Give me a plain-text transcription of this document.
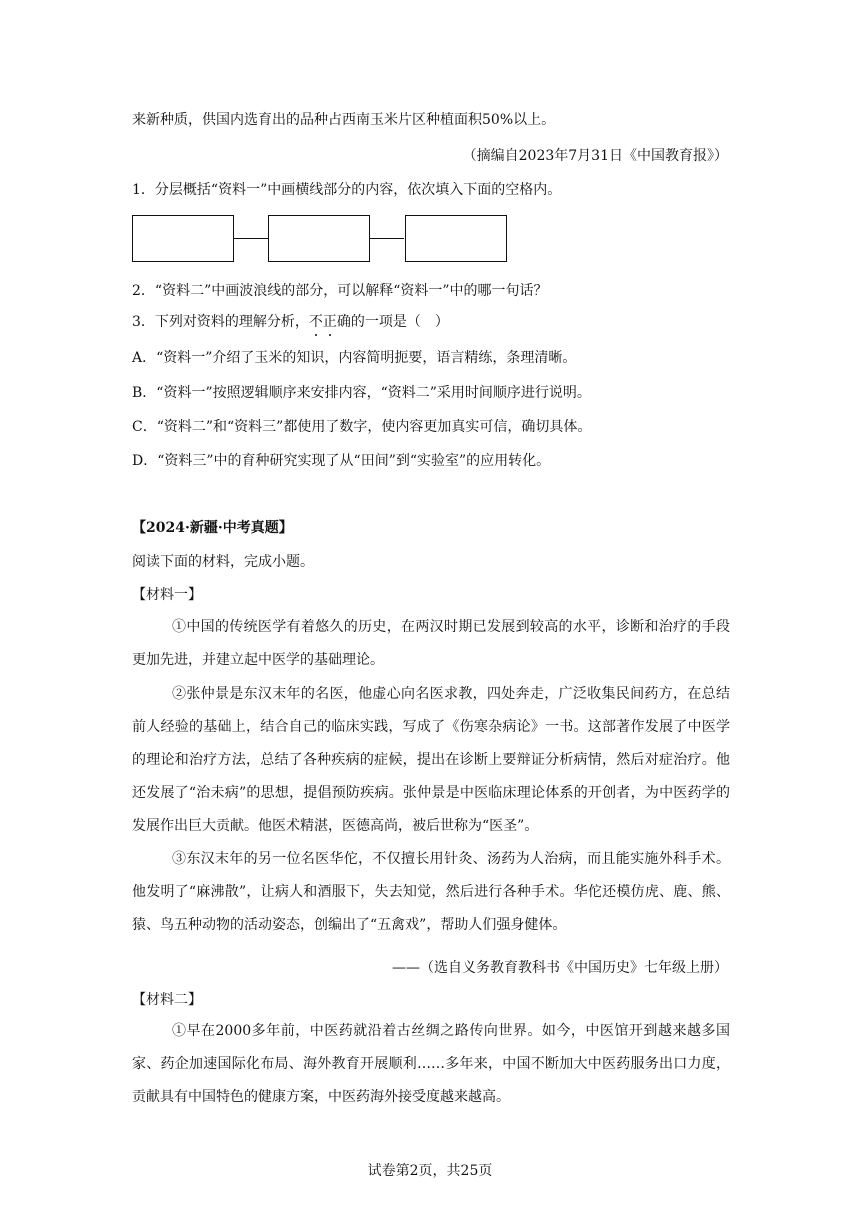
来新种质，供国内选育出的品种占西南玉米片区种植面积50%以上。
（摘编自2023年7月31日《中国教育报》）
1．分层概括“资料一”中画横线部分的内容，依次填入下面的空格内。
2．“资料二”中画波浪线的部分，可以解释“资料一”中的哪一句话？
3．下列对资料的理解分析，不正确的一项是（　）
A．“资料一”介绍了玉米的知识，内容简明扼要，语言精练，条理清晰。
B．“资料一”按照逻辑顺序来安排内容，“资料二”采用时间顺序进行说明。
C．“资料二”和“资料三”都使用了数字，使内容更加真实可信，确切具体。
D．“资料三”中的育种研究实现了从“田间”到“实验室”的应用转化。
【2024·新疆·中考真题】
阅读下面的材料，完成小题。
【材料一】
①中国的传统医学有着悠久的历史，在两汉时期已发展到较高的水平，诊断和治疗的手段更加先进，并建立起中医学的基础理论。
②张仲景是东汉末年的名医，他虚心向名医求教，四处奔走，广泛收集民间药方，在总结前人经验的基础上，结合自己的临床实践，写成了《伤寒杂病论》一书。这部著作发展了中医学的理论和治疗方法，总结了各种疾病的症候，提出在诊断上要辩证分析病情，然后对症治疗。他还发展了“治未病”的思想，提倡预防疾病。张仲景是中医临床理论体系的开创者，为中医药学的发展作出巨大贡献。他医术精湛，医德高尚，被后世称为“医圣”。
③东汉末年的另一位名医华佗，不仅擅长用针灸、汤药为人治病，而且能实施外科手术。他发明了“麻沸散”，让病人和酒服下，失去知觉，然后进行各种手术。华佗还模仿虎、鹿、熊、猿、鸟五种动物的活动姿态，创编出了“五禽戏”，帮助人们强身健体。
——（选自义务教育教科书《中国历史》七年级上册）
【材料二】
①早在2000多年前，中医药就沿着古丝绸之路传向世界。如今，中医馆开到越来越多国家、药企加速国际化布局、海外教育开展顺利……多年来，中国不断加大中医药服务出口力度，贡献具有中国特色的健康方案，中医药海外接受度越来越高。
试卷第2页，共25页
